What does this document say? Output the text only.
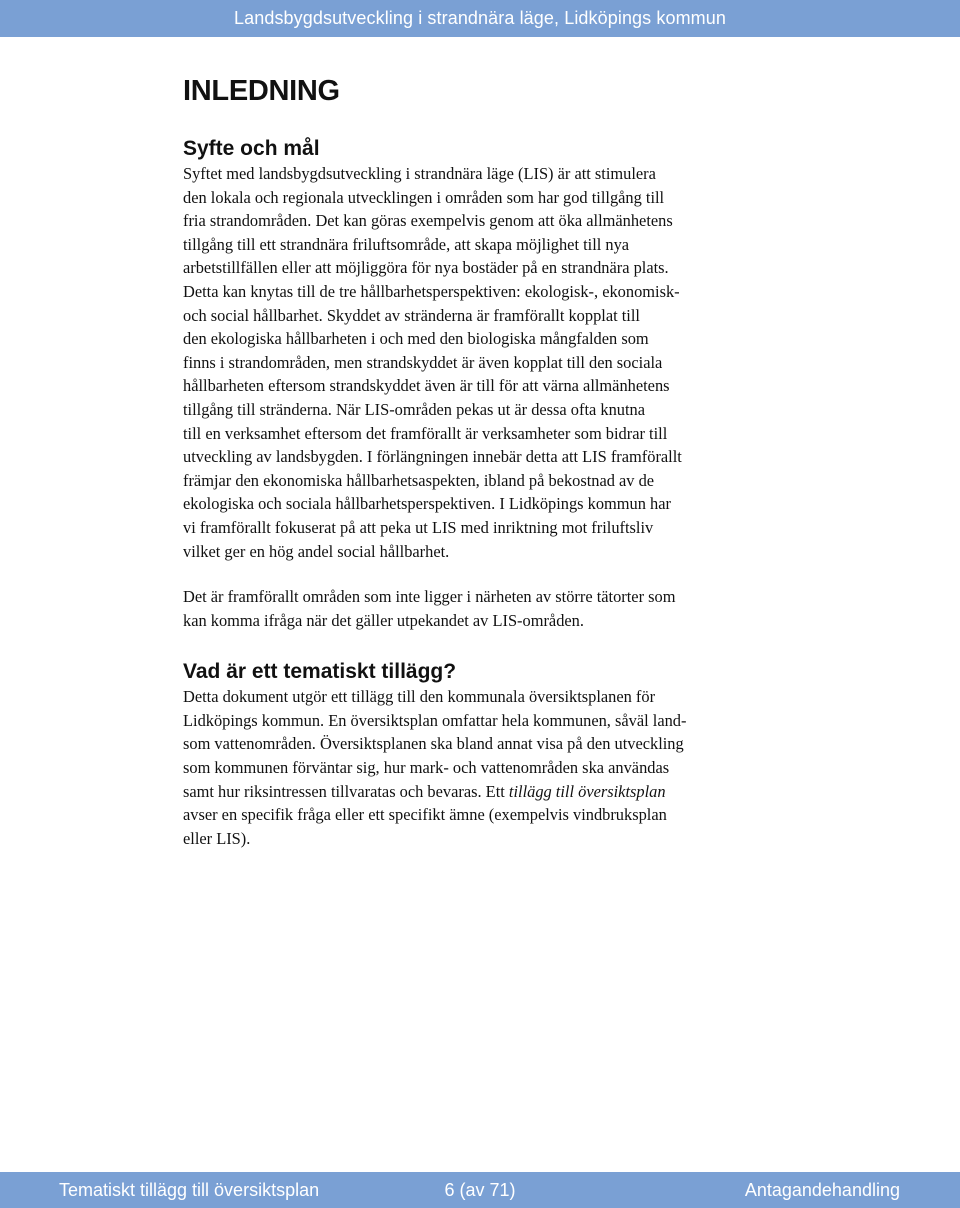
Landsbygdsutveckling i strandnära läge, Lidköpings kommun
INLEDNING
Syfte och mål

Syftet med landsbygdsutveckling i strandnära läge (LIS) är att stimulera
den lokala och regionala utvecklingen i områden som har god tillgång till
fria strandområden. Det kan göras exempelvis genom att öka allmänhetens
tillgång till ett strandnära friluftsområde, att skapa möjlighet till nya
arbetstillfällen eller att möjliggöra för nya bostäder på en strandnära plats.
Detta kan knytas till de tre hållbarhetsperspektiven: ekologisk-, ekonomisk-
och social hållbarhet. Skyddet av stränderna är framförallt kopplat till
den ekologiska hållbarheten i och med den biologiska mångfalden som
finns i strandområden, men strandskyddet är även kopplat till den sociala
hållbarheten eftersom strandskyddet även är till för att värna allmänhetens
tillgång till stränderna. När LIS-områden pekas ut är dessa ofta knutna
till en verksamhet eftersom det framförallt är verksamheter som bidrar till
utveckling av landsbygden. I förlängningen innebär detta att LIS framförallt
främjar den ekonomiska hållbarhetsaspekten, ibland på bekostnad av de
ekologiska och sociala hållbarhetsperspektiven. I Lidköpings kommun har
vi framförallt fokuserat på att peka ut LIS med inriktning mot friluftsliv
vilket ger en hög andel social hållbarhet.

Det är framförallt områden som inte ligger i närheten av större tätorter som
kan komma ifråga när det gäller utpekandet av LIS-områden.

Vad är ett tematiskt tillägg?

Detta dokument utgör ett tillägg till den kommunala översiktsplanen för
Lidköpings kommun. En översiktsplan omfattar hela kommunen, såväl land-
som vattenområden. Översiktsplanen ska bland annat visa på den utveckling
som kommunen förväntar sig, hur mark- och vattenområden ska användas
samt hur riksintressen tillvaratas och bevaras. Ett tillägg till översiktsplan
avser en specifik fråga eller ett specifikt ämne (exempelvis vindbruksplan
eller LIS).

Tematiskt tillägg till översiktsplan	6 (av 71)	Antagandehandling
